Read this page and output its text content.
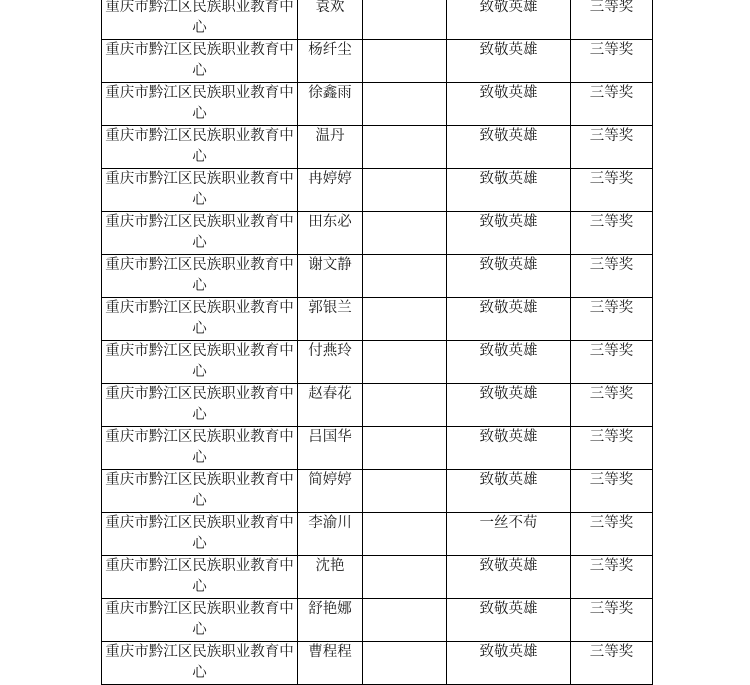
重庆市黔江区民族职业教育中心	袁欢		致敬英雄	三等奖
重庆市黔江区民族职业教育中心	杨纤尘		致敬英雄	三等奖
重庆市黔江区民族职业教育中心	徐鑫雨		致敬英雄	三等奖
重庆市黔江区民族职业教育中心	温丹		致敬英雄	三等奖
重庆市黔江区民族职业教育中心	冉婷婷		致敬英雄	三等奖
重庆市黔江区民族职业教育中心	田东必		致敬英雄	三等奖
重庆市黔江区民族职业教育中心	谢文静		致敬英雄	三等奖
重庆市黔江区民族职业教育中心	郭银兰		致敬英雄	三等奖
重庆市黔江区民族职业教育中心	付燕玲		致敬英雄	三等奖
重庆市黔江区民族职业教育中心	赵春花		致敬英雄	三等奖
重庆市黔江区民族职业教育中心	吕国华		致敬英雄	三等奖
重庆市黔江区民族职业教育中心	简婷婷		致敬英雄	三等奖
重庆市黔江区民族职业教育中心	李渝川		一丝不苟	三等奖
重庆市黔江区民族职业教育中心	沈艳		致敬英雄	三等奖
重庆市黔江区民族职业教育中心	舒艳娜		致敬英雄	三等奖
重庆市黔江区民族职业教育中心	曹程程		致敬英雄	三等奖
